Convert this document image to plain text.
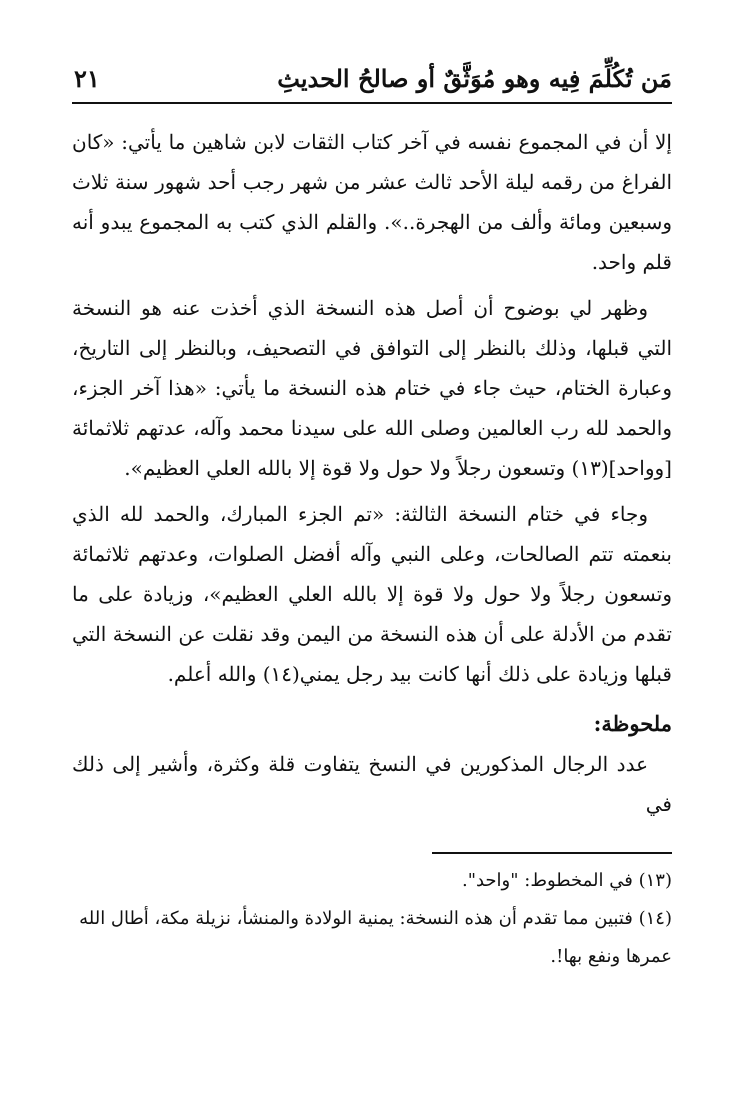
مَن تُكُلِّمَ فِيه وهو مُوَثَّقٌ أو صالحُ الحديثِ
٢١

إلا أن في المجموع نفسه في آخر كتاب الثقات لابن شاهين ما يأتي: «كان الفراغ من رقمه ليلة الأحد ثالث عشر من شهر رجب أحد شهور سنة ثلاث وسبعين ومائة وألف من الهجرة..». والقلم الذي كتب به المجموع يبدو أنه قلم واحد.

وظهر لي بوضوح أن أصل هذه النسخة الذي أخذت عنه هو النسخة التي قبلها، وذلك بالنظر إلى التوافق في التصحيف، وبالنظر إلى التاريخ، وعبارة الختام، حيث جاء في ختام هذه النسخة ما يأتي: «هذا آخر الجزء، والحمد لله رب العالمين وصلى الله على سيدنا محمد وآله، عدتهم ثلاثمائة [وواحد](١٣) وتسعون رجلاً ولا حول ولا قوة إلا بالله العلي العظيم».

وجاء في ختام النسخة الثالثة: «تم الجزء المبارك، والحمد لله الذي بنعمته تتم الصالحات، وعلى النبي وآله أفضل الصلوات، وعدتهم ثلاثمائة وتسعون رجلاً ولا حول ولا قوة إلا بالله العلي العظيم»، وزيادة على ما تقدم من الأدلة على أن هذه النسخة من اليمن وقد نقلت عن النسخة التي قبلها وزيادة على ذلك أنها كانت بيد رجل يمني(١٤) والله أعلم.

ملحوظة:

عدد الرجال المذكورين في النسخ يتفاوت قلة وكثرة، وأشير إلى ذلك في

(١٣) في المخطوط: "واحد".
(١٤) فتبين مما تقدم أن هذه النسخة: يمنية الولادة والمنشأ، نزيلة مكة، أطال الله عمرها ونفع بها!.
